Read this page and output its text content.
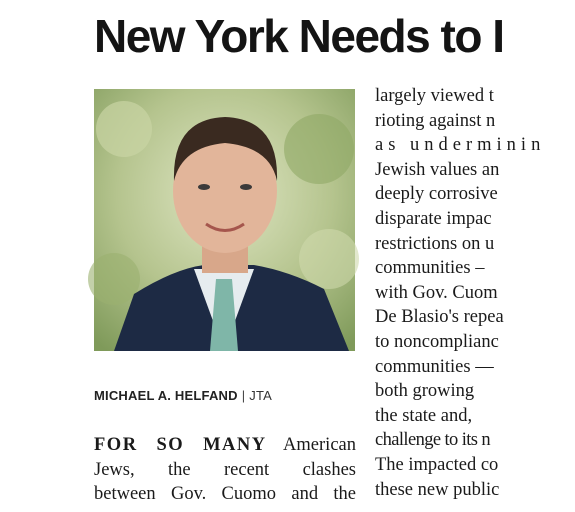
New York Needs to I
MICHAEL A. HELFAND | JTA
FOR SO MANY American
Jews, the recent clashes
between Gov. Cuomo and the
largely viewed t
rioting against n
as underminin
Jewish values an
deeply corrosive
disparate impac
restrictions on u
communities –
with Gov. Cuom
De Blasio's repea
to noncomplianc
communities —
both growing
the state and,
challenge to its n
The impacted co
these new public
